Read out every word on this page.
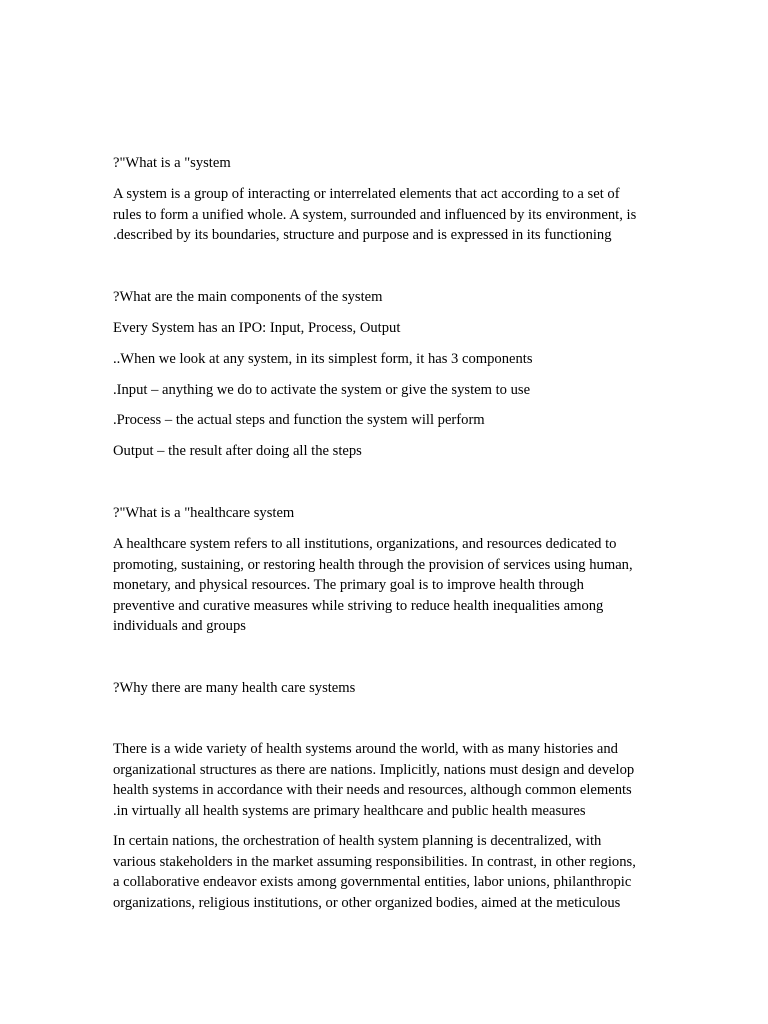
?"What is a "system

A system is a group of interacting or interrelated elements that act according to a set of
rules to form a unified whole. A system, surrounded and influenced by its environment, is
.described by its boundaries, structure and purpose and is expressed in its functioning

?What are the main components of the system

Every System has an IPO: Input, Process, Output

..When we look at any system, in its simplest form, it has 3 components

.Input – anything we do to activate the system or give the system to use

.Process – the actual steps and function the system will perform

Output – the result after doing all the steps

?"What is a "healthcare system

A healthcare system refers to all institutions, organizations, and resources dedicated to
promoting, sustaining, or restoring health through the provision of services using human,
monetary, and physical resources. The primary goal is to improve health through
preventive and curative measures while striving to reduce health inequalities among
individuals and groups

?Why there are many health care systems

There is a wide variety of health systems around the world, with as many histories and
organizational structures as there are nations. Implicitly, nations must design and develop
health systems in accordance with their needs and resources, although common elements
.in virtually all health systems are primary healthcare and public health measures

In certain nations, the orchestration of health system planning is decentralized, with
various stakeholders in the market assuming responsibilities. In contrast, in other regions,
a collaborative endeavor exists among governmental entities, labor unions, philanthropic
organizations, religious institutions, or other organized bodies, aimed at the meticulous
